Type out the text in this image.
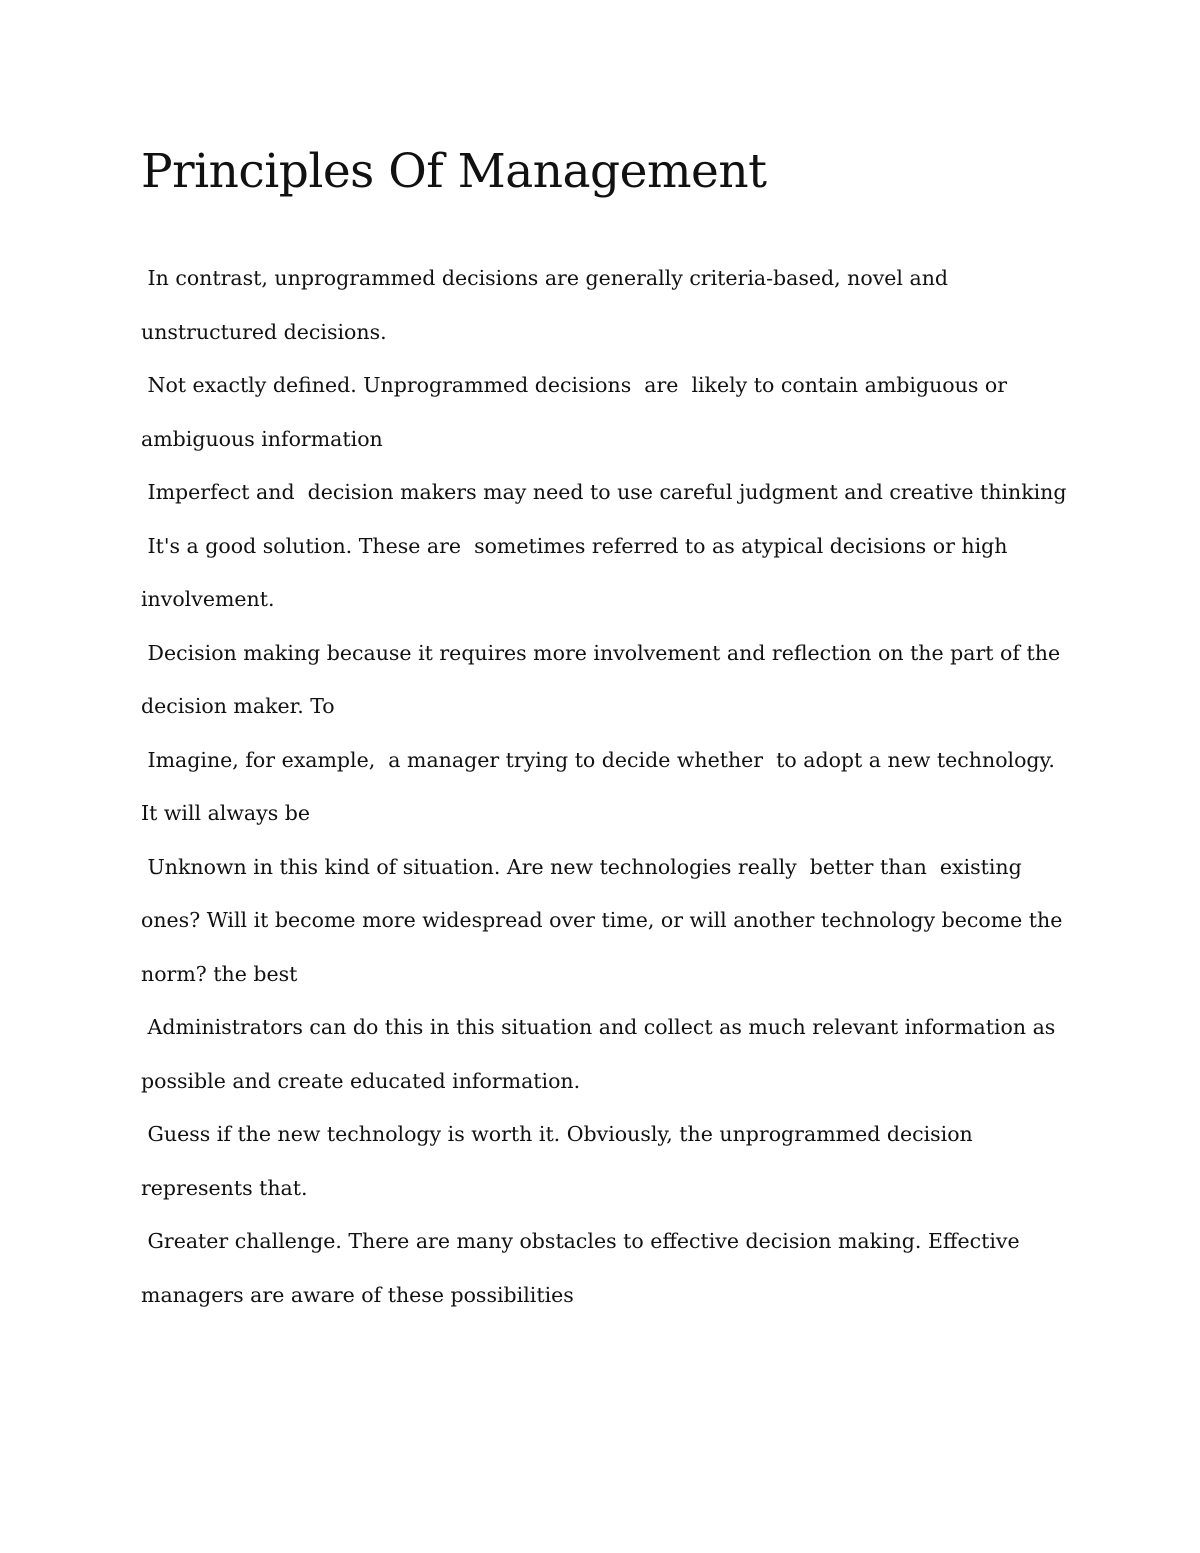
Principles Of Management
In contrast, unprogrammed decisions are generally criteria-based, novel and
unstructured decisions.
Not exactly defined. Unprogrammed decisions  are  likely to contain ambiguous or
ambiguous information
Imperfect and  decision makers may need to use careful judgment and creative thinking
It's a good solution. These are  sometimes referred to as atypical decisions or high
involvement.
Decision making because it requires more involvement and reflection on the part of the
decision maker. To
Imagine, for example,  a manager trying to decide whether  to adopt a new technology.
It will always be
Unknown in this kind of situation. Are new technologies really  better than  existing
ones? Will it become more widespread over time, or will another technology become the
norm? the best
Administrators can do this in this situation and collect as much relevant information as
possible and create educated information.
Guess if the new technology is worth it. Obviously, the unprogrammed decision
represents that.
Greater challenge. There are many obstacles to effective decision making. Effective
managers are aware of these possibilities
